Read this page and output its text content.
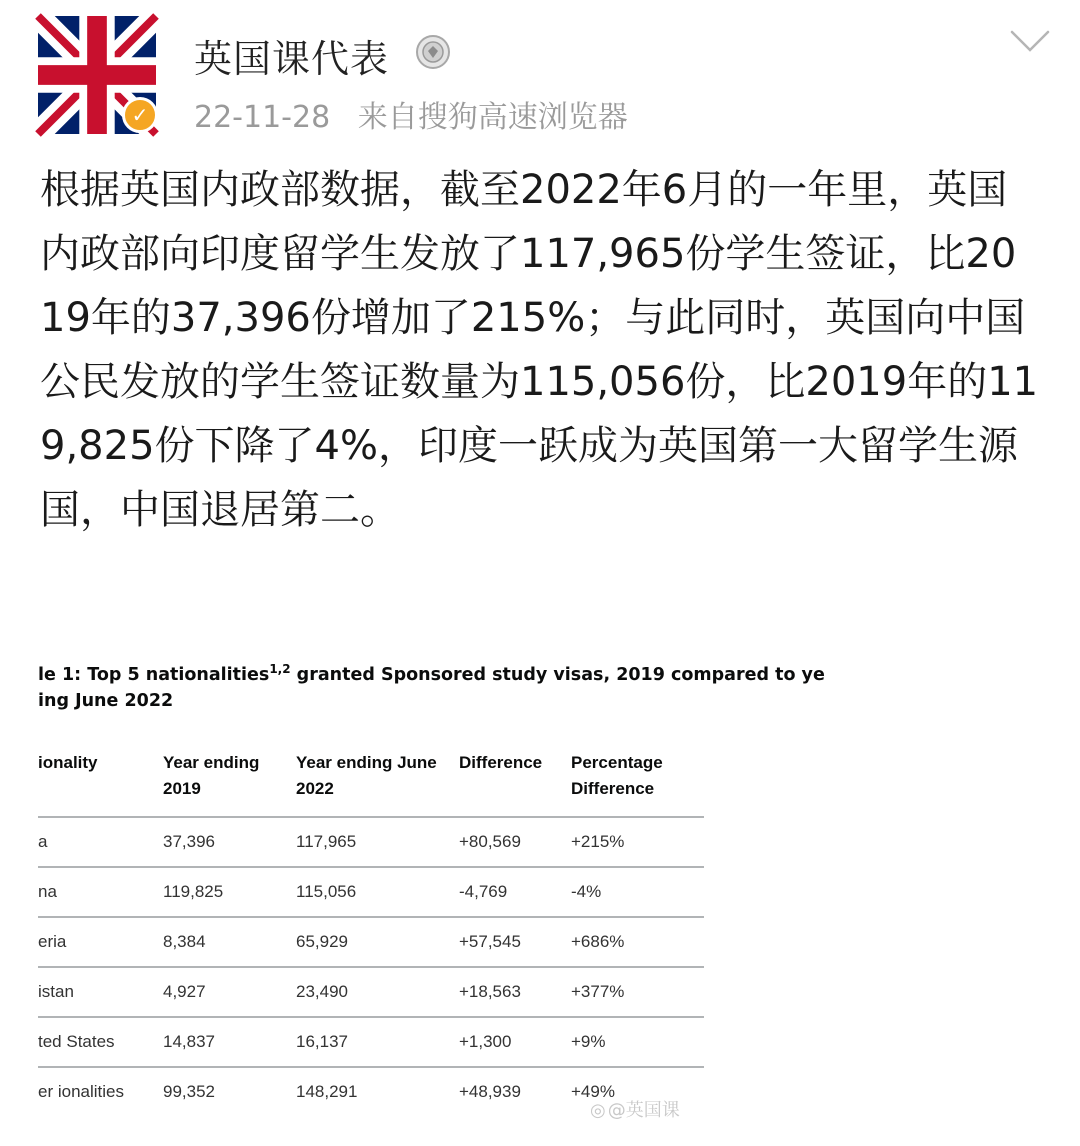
✓
英国课代表
22-11-28 来自搜狗高速浏览器
根据英国内政部数据，截至2022年6月的一年里，英国内政部向印度留学生发放了117,965份学生签证，比2019年的37,396份增加了215%；与此同时，英国向中国公民发放的学生签证数量为115,056份，比2019年的119,825份下降了4%，印度一跃成为英国第一大留学生源国，中国退居第二。
le 1: Top 5 nationalities$^{1,2}$ granted Sponsored study visas, 2019 compared to ye
ing June 2022
ionality	Year ending 2019	Year ending June 2022	Difference	Percentage Difference
a	37,396	117,965	+80,569	+215%
na	119,825	115,056	-4,769	-4%
eria	8,384	65,929	+57,545	+686%
istan	4,927	23,490	+18,563	+377%
ted States	14,837	16,137	+1,300	+9%
er ionalities	99,352	148,291	+48,939	+49%
◎ @英国课
